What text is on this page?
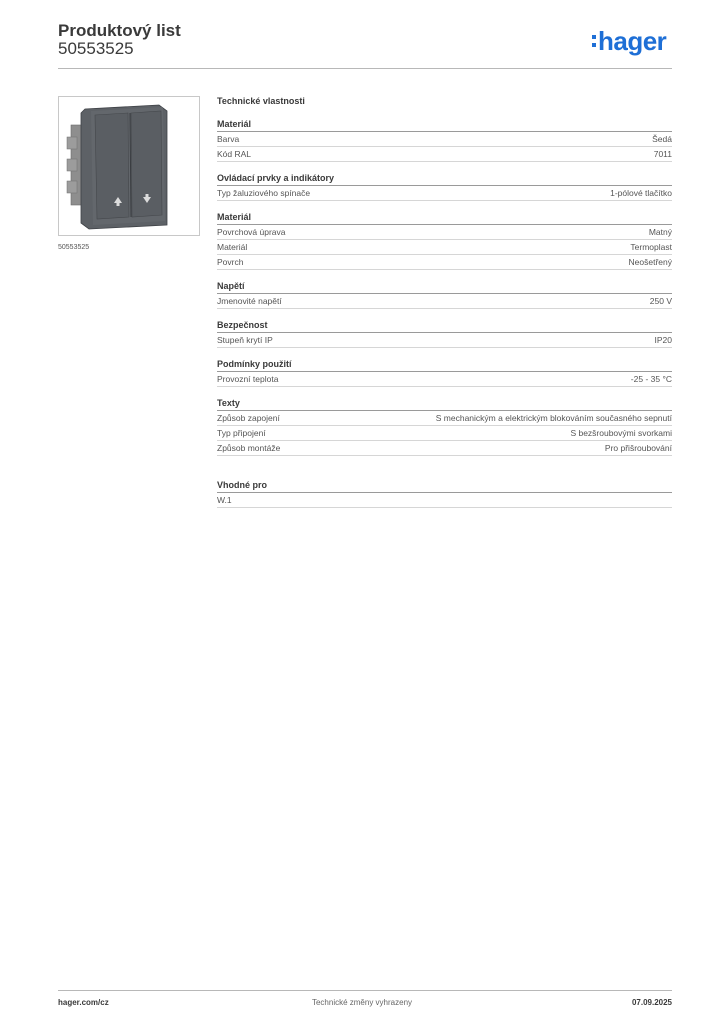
Produktový list
50553525	hager
50553525
Technické vlastnosti
Materiál
Barva	Šedá
Kód RAL	7011
Ovládací prvky a indikátory
Typ žaluziového spínače	1-pólové tlačítko
Materiál
Povrchová úprava	Matný
Materiál	Termoplast
Povrch	Neošetřený
Napětí
Jmenovité napětí	250 V
Bezpečnost
Stupeň krytí IP	IP20
Podmínky použití
Provozní teplota	-25 - 35 °C
Texty
Způsob zapojení	S mechanickým a elektrickým blokováním současného sepnutí
Typ připojení	S bezšroubovými svorkami
Způsob montáže	Pro přišroubování
Vhodné pro
W.1
hager.com/cz	Technické změny vyhrazeny	07.09.2025
